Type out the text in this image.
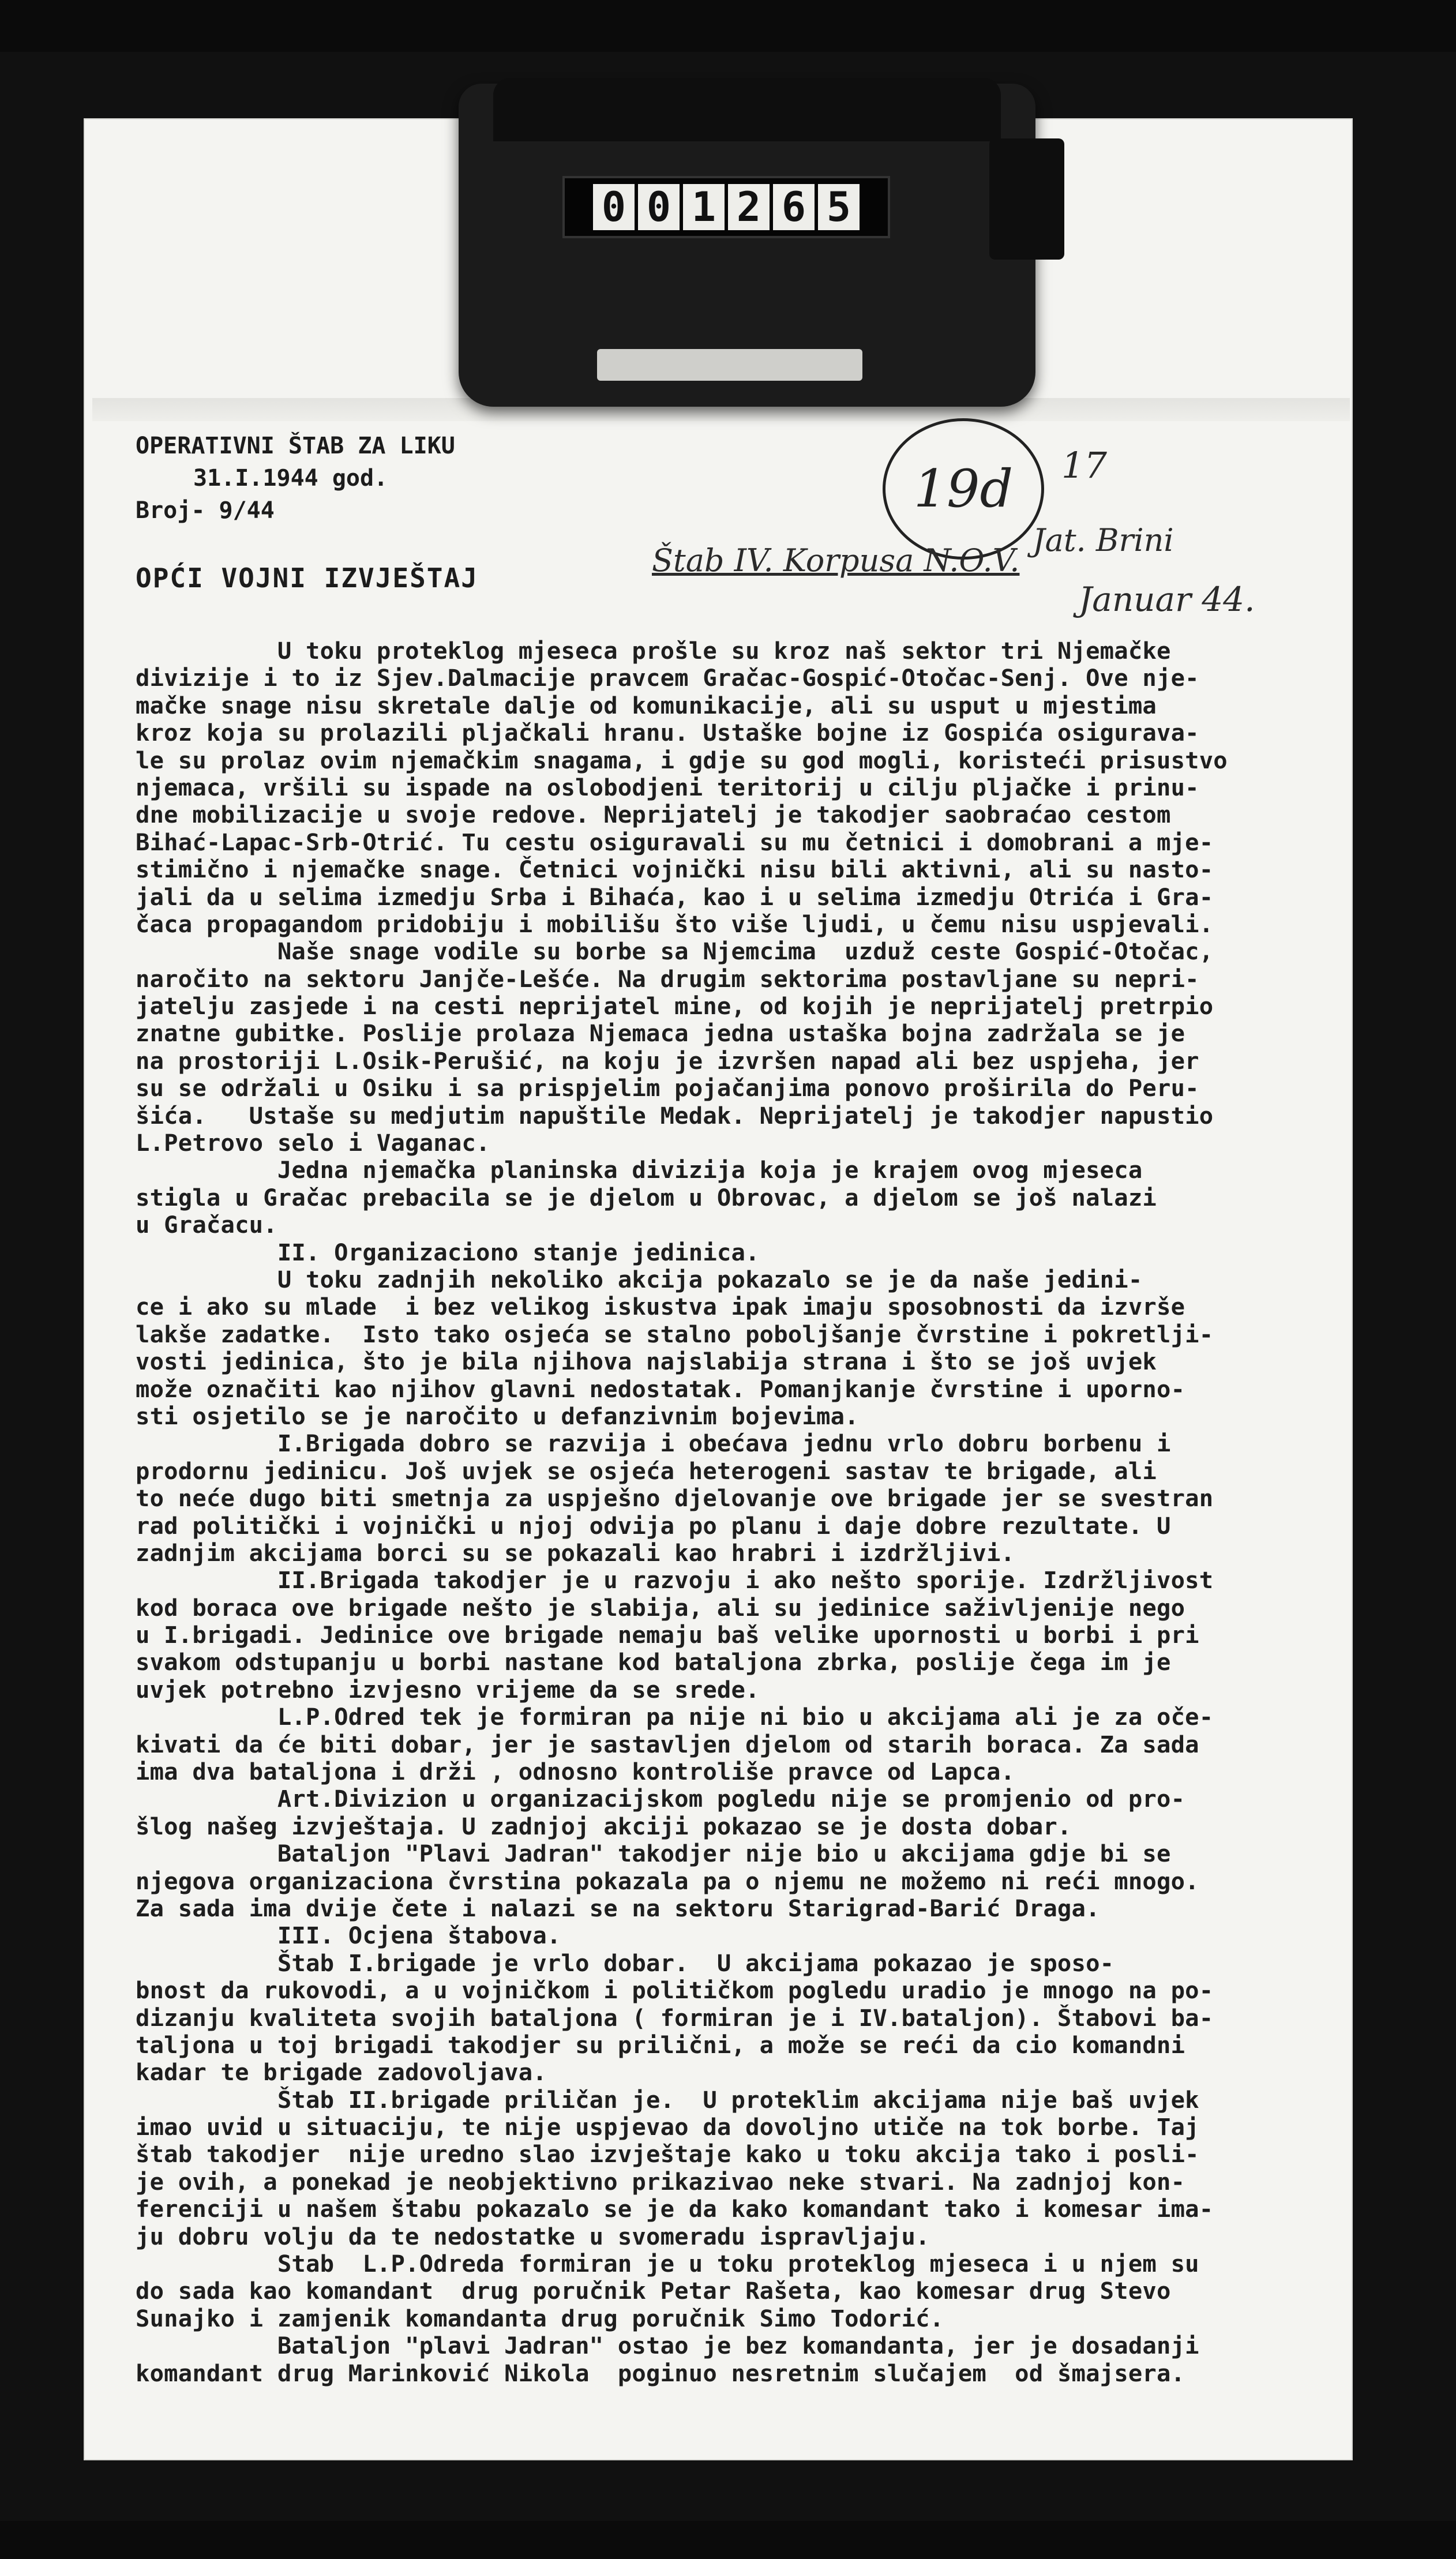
0 0 1 2 6 5
OPERATIVNI ŠTAB ZA LIKU
31.I.1944 god.
Broj- 9/44	19d	17
Štab IV. Korpusa N.O.V.
Jat. Brini
Januar 44.
OPĆI VOJNI IZVJEŠTAJ
U toku proteklog mjeseca prošle su kroz naš sektor tri Njemačke
divizije i to iz Sjev.Dalmacije pravcem Gračac-Gospić-Otočac-Senj. Ove nje-
mačke snage nisu skretale dalje od komunikacije, ali su usput u mjestima
kroz koja su prolazili pljačkali hranu. Ustaške bojne iz Gospića osigurava-
le su prolaz ovim njemačkim snagama, i gdje su god mogli, koristeći prisustvo
njemaca, vršili su ispade na oslobodjeni teritorij u cilju pljačke i prinu-
dne mobilizacije u svoje redove. Neprijatelj je takodjer saobraćao cestom
Bihać-Lapac-Srb-Otrić. Tu cestu osiguravali su mu četnici i domobrani a mje-
stimično i njemačke snage. Četnici vojnički nisu bili aktivni, ali su nasto-
jali da u selima izmedju Srba i Bihaća, kao i u selima izmedju Otrića i Gra-
čaca propagandom pridobiju i mobilišu što više ljudi, u čemu nisu uspjevali.
Naše snage vodile su borbe sa Njemcima  uzduž ceste Gospić-Otočac,
naročito na sektoru Janjče-Lešće. Na drugim sektorima postavljane su nepri-
jatelju zasjede i na cesti neprijatel mine, od kojih je neprijatelj pretrpio
znatne gubitke. Poslije prolaza Njemaca jedna ustaška bojna zadržala se je
na prostoriji L.Osik-Perušić, na koju je izvršen napad ali bez uspjeha, jer
su se održali u Osiku i sa prispjelim pojačanjima ponovo proširila do Peru-
šića.   Ustaše su medjutim napuštile Medak. Neprijatelj je takodjer napustio
L.Petrovo selo i Vaganac.
Jedna njemačka planinska divizija koja je krajem ovog mjeseca
stigla u Gračac prebacila se je djelom u Obrovac, a djelom se još nalazi
u Gračacu.
II. Organizaciono stanje jedinica.
U toku zadnjih nekoliko akcija pokazalo se je da naše jedini-
ce i ako su mlade  i bez velikog iskustva ipak imaju sposobnosti da izvrše
lakše zadatke.  Isto tako osjeća se stalno poboljšanje čvrstine i pokretlji-
vosti jedinica, što je bila njihova najslabija strana i što se još uvjek
može označiti kao njihov glavni nedostatak. Pomanjkanje čvrstine i uporno-
sti osjetilo se je naročito u defanzivnim bojevima.
I.Brigada dobro se razvija i obećava jednu vrlo dobru borbenu i
prodornu jedinicu. Još uvjek se osjeća heterogeni sastav te brigade, ali
to neće dugo biti smetnja za uspješno djelovanje ove brigade jer se svestran
rad politički i vojnički u njoj odvija po planu i daje dobre rezultate. U
zadnjim akcijama borci su se pokazali kao hrabri i izdržljivi.
II.Brigada takodjer je u razvoju i ako nešto sporije. Izdržljivost
kod boraca ove brigade nešto je slabija, ali su jedinice saživljenije nego
u I.brigadi. Jedinice ove brigade nemaju baš velike upornosti u borbi i pri
svakom odstupanju u borbi nastane kod bataljona zbrka, poslije čega im je
uvjek potrebno izvjesno vrijeme da se srede.
L.P.Odred tek je formiran pa nije ni bio u akcijama ali je za oče-
kivati da će biti dobar, jer je sastavljen djelom od starih boraca. Za sada
ima dva bataljona i drži , odnosno kontroliše pravce od Lapca.
Art.Divizion u organizacijskom pogledu nije se promjenio od pro-
šlog našeg izvještaja. U zadnjoj akciji pokazao se je dosta dobar.
Bataljon "Plavi Jadran" takodjer nije bio u akcijama gdje bi se
njegova organizaciona čvrstina pokazala pa o njemu ne možemo ni reći mnogo.
Za sada ima dvije čete i nalazi se na sektoru Starigrad-Barić Draga.
III. Ocjena štabova.
Štab I.brigade je vrlo dobar.  U akcijama pokazao je sposo-
bnost da rukovodi, a u vojničkom i političkom pogledu uradio je mnogo na po-
dizanju kvaliteta svojih bataljona ( formiran je i IV.bataljon). Štabovi ba-
taljona u toj brigadi takodjer su prilični, a može se reći da cio komandni
kadar te brigade zadovoljava.
Štab II.brigade priličan je.  U proteklim akcijama nije baš uvjek
imao uvid u situaciju, te nije uspjevao da dovoljno utiče na tok borbe. Taj
štab takodjer  nije uredno slao izvještaje kako u toku akcija tako i posli-
je ovih, a ponekad je neobjektivno prikazivao neke stvari. Na zadnjoj kon-
ferenciji u našem štabu pokazalo se je da kako komandant tako i komesar ima-
ju dobru volju da te nedostatke u svomeradu ispravljaju.
Stab  L.P.Odreda formiran je u toku proteklog mjeseca i u njem su
do sada kao komandant  drug poručnik Petar Rašeta, kao komesar drug Stevo
Sunajko i zamjenik komandanta drug poručnik Simo Todorić.
Bataljon "plavi Jadran" ostao je bez komandanta, jer je dosadanji
komandant drug Marinković Nikola  poginuo nesretnim slučajem  od šmajsera.
